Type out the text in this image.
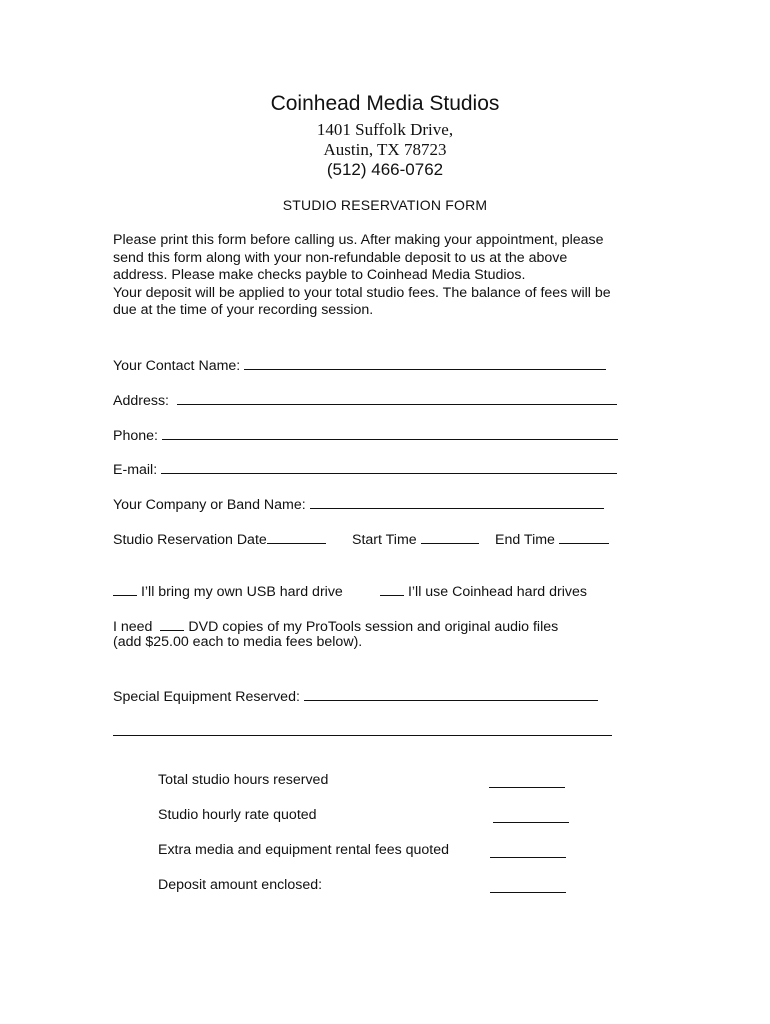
Coinhead Media Studios
1401 Suffolk Drive,
Austin, TX 78723
(512) 466-0762
STUDIO RESERVATION FORM
Please print this form before calling us. After making your appointment, please
send this form along with your non-refundable deposit to us at the above
address. Please make checks payble to Coinhead Media Studios.
Your deposit will be applied to your total studio fees. The balance of fees will be
due at the time of your recording session.
Your Contact Name:
Address:
Phone:
E-mail:
Your Company or Band Name:
Studio Reservation Date	Start Time	End Time
I’ll bring my own USB hard drive	I’ll use Coinhead hard drives
I need	DVD copies of my ProTools session and original audio files
(add $25.00 each to media fees below).
Special Equipment Reserved:
Total studio hours reserved
Studio hourly rate quoted
Extra media and equipment rental fees quoted
Deposit amount enclosed:
